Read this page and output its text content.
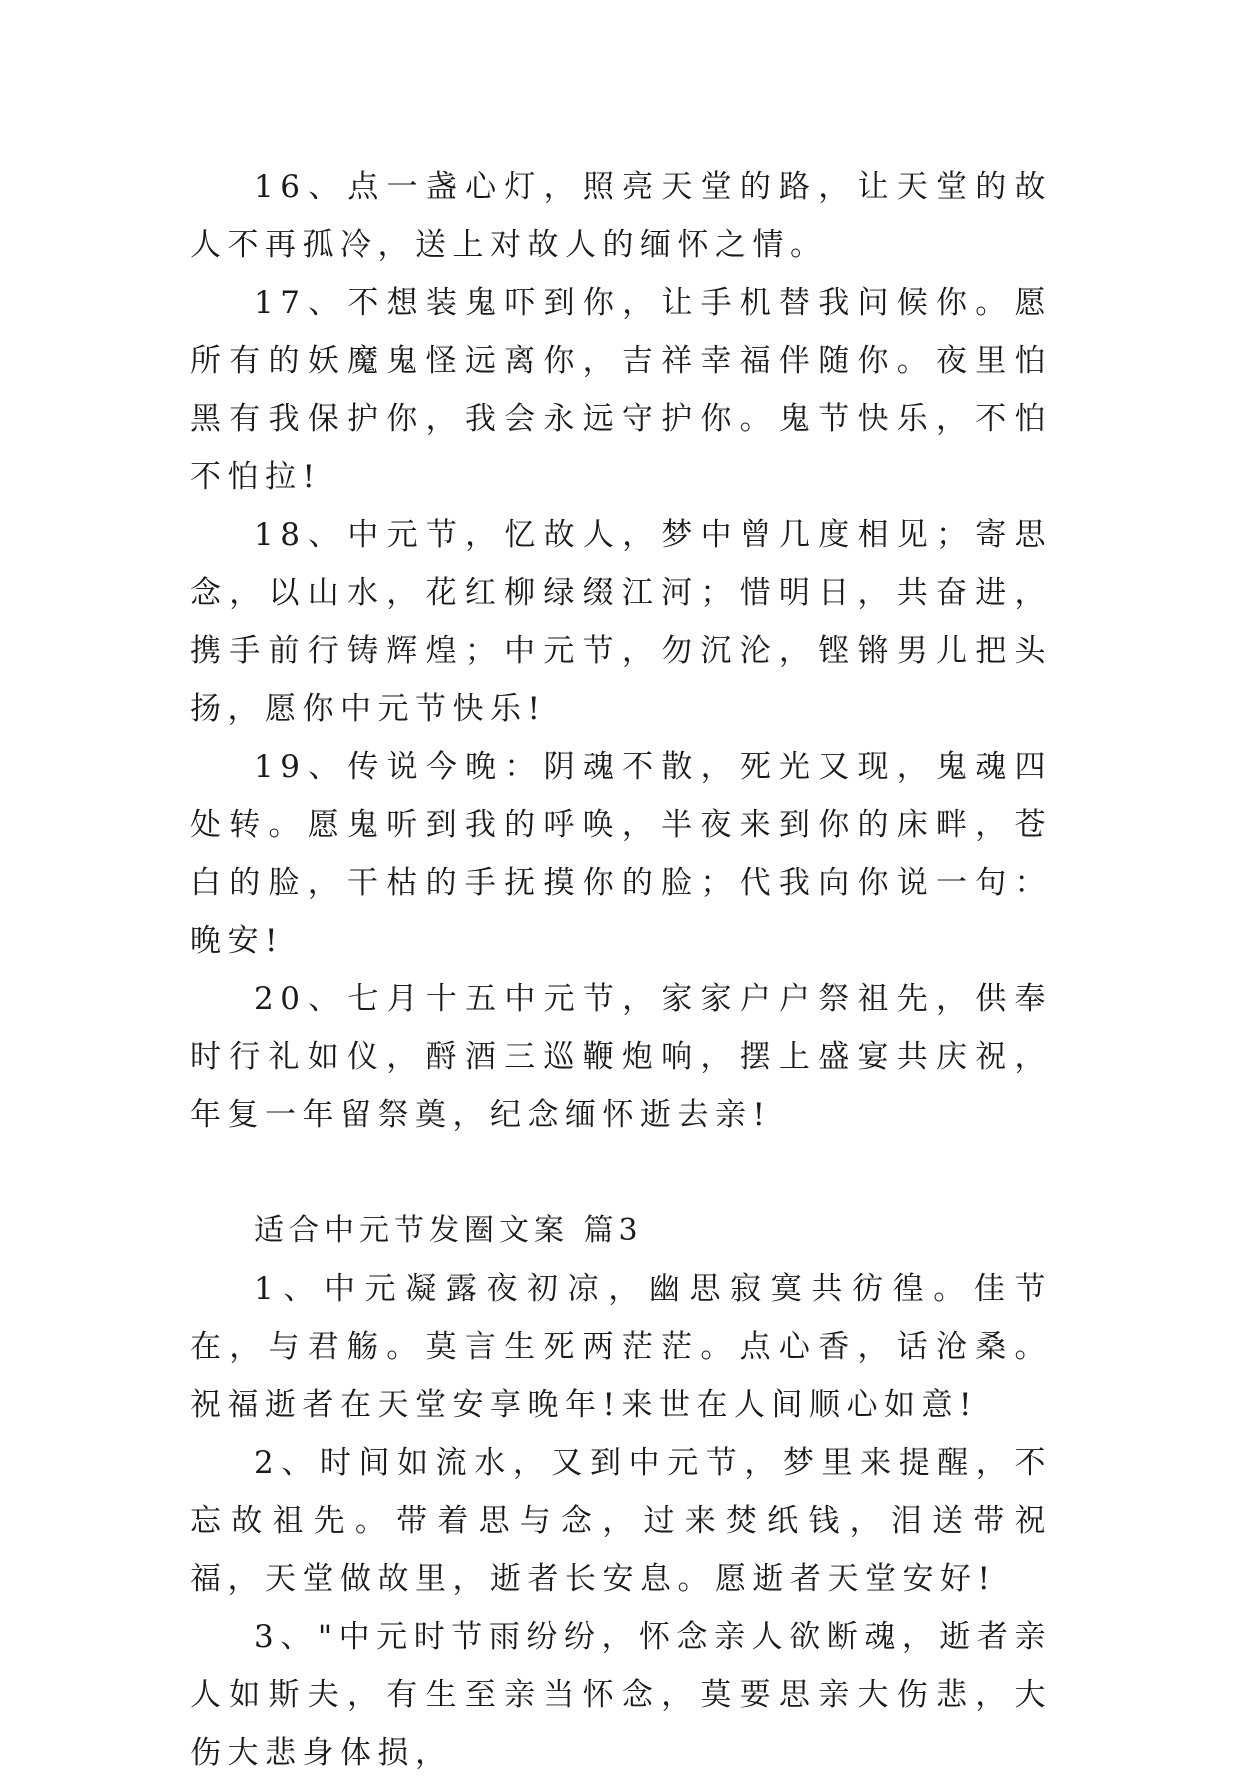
16、点一盏心灯，照亮天堂的路，让天堂的故人不再孤冷，送上对故人的缅怀之情。

17、不想装鬼吓到你，让手机替我问候你。愿所有的妖魔鬼怪远离你，吉祥幸福伴随你。夜里怕黑有我保护你，我会永远守护你。鬼节快乐，不怕不怕拉!

18、中元节，忆故人，梦中曾几度相见；寄思念，以山水，花红柳绿缀江河；惜明日，共奋进，携手前行铸辉煌；中元节，勿沉沦，铿锵男儿把头扬，愿你中元节快乐!

19、传说今晚：阴魂不散，死光又现，鬼魂四处转。愿鬼听到我的呼唤，半夜来到你的床畔，苍白的脸，干枯的手抚摸你的脸；代我向你说一句：晚安!

20、七月十五中元节，家家户户祭祖先，供奉时行礼如仪，酹酒三巡鞭炮响，摆上盛宴共庆祝，年复一年留祭奠，纪念缅怀逝去亲!

适合中元节发圈文案 篇3

1、中元凝露夜初凉，幽思寂寞共彷徨。佳节在，与君觞。莫言生死两茫茫。点心香，话沧桑。祝福逝者在天堂安享晚年!来世在人间顺心如意!

2、时间如流水，又到中元节，梦里来提醒，不忘故祖先。带着思与念，过来焚纸钱，泪送带祝福，天堂做故里，逝者长安息。愿逝者天堂安好!

3、"中元时节雨纷纷，怀念亲人欲断魂，逝者亲人如斯夫，有生至亲当怀念，莫要思亲大伤悲，大伤大悲身体损，
